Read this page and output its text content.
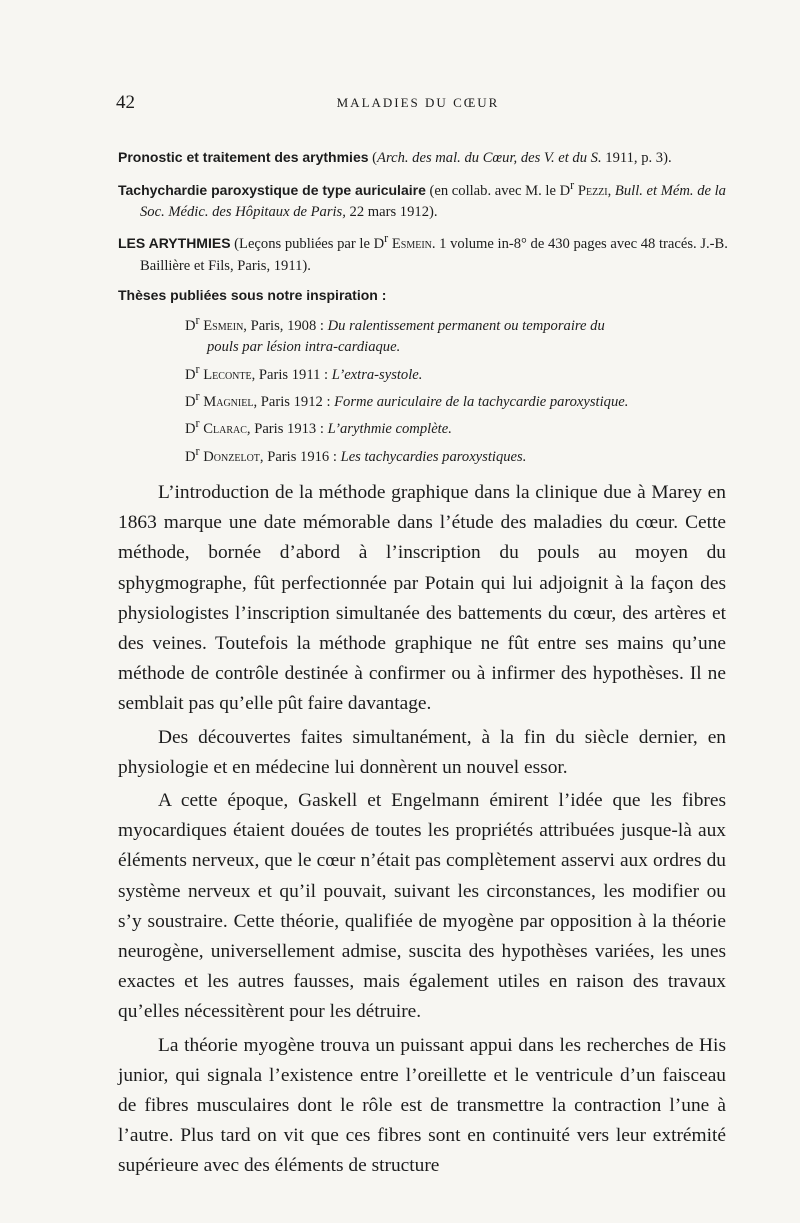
42	MALADIES DU CŒUR

Pronostic et traitement des arythmies (Arch. des mal. du Cœur, des V. et du S. 1911, p. 3).

Tachychardie paroxystique de type auriculaire (en collab. avec M. le $D^r$ Pezzi, Bull. et Mém. de la Soc. Médic. des Hôpitaux de Paris, 22 mars 1912).

LES ARYTHMIES (Leçons publiées par le $D^r$ Esmein. 1 volume in-8° de 430 pages avec 48 tracés. J.-B. Baillière et Fils, Paris, 1911).

Thèses publiées sous notre inspiration :

$D^r$ Esmein, Paris, 1908 : Du ralentissement permanent ou temporaire du
pouls par lésion intra-cardiaque.

$D^r$ Leconte, Paris 1911 : L’extra-systole.

$D^r$ Magniel, Paris 1912 : Forme auriculaire de la tachycardie paroxystique.

$D^r$ Clarac, Paris 1913 : L’arythmie complète.

$D^r$ Donzelot, Paris 1916 : Les tachycardies paroxystiques.

L’introduction de la méthode graphique dans la clinique due à Marey en 1863 marque une date mémorable dans l’étude des maladies du cœur. Cette méthode, bornée d’abord à l’inscription du pouls au moyen du sphygmographe, fût perfectionnée par Potain qui lui adjoignit à la façon des physiologistes l’inscription simultanée des battements du cœur, des artères et des veines. Toutefois la méthode graphique ne fût entre ses mains qu’une méthode de contrôle destinée à confirmer ou à infirmer des hypothèses. Il ne semblait pas qu’elle pût faire davantage.

Des découvertes faites simultanément, à la fin du siècle dernier, en physiologie et en médecine lui donnèrent un nouvel essor.

A cette époque, Gaskell et Engelmann émirent l’idée que les fibres myocardiques étaient douées de toutes les propriétés attribuées jusque-là aux éléments nerveux, que le cœur n’était pas complètement asservi aux ordres du système nerveux et qu’il pouvait, suivant les circonstances, les modifier ou s’y soustraire. Cette théorie, qualifiée de myogène par opposition à la théorie neurogène, universellement admise, suscita des hypothèses variées, les unes exactes et les autres fausses, mais également utiles en raison des travaux qu’elles nécessitèrent pour les détruire.

La théorie myogène trouva un puissant appui dans les recherches de His junior, qui signala l’existence entre l’oreillette et le ventricule d’un faisceau de fibres musculaires dont le rôle est de transmettre la contraction l’une à l’autre. Plus tard on vit que ces fibres sont en continuité vers leur extrémité supérieure avec des éléments de structure
